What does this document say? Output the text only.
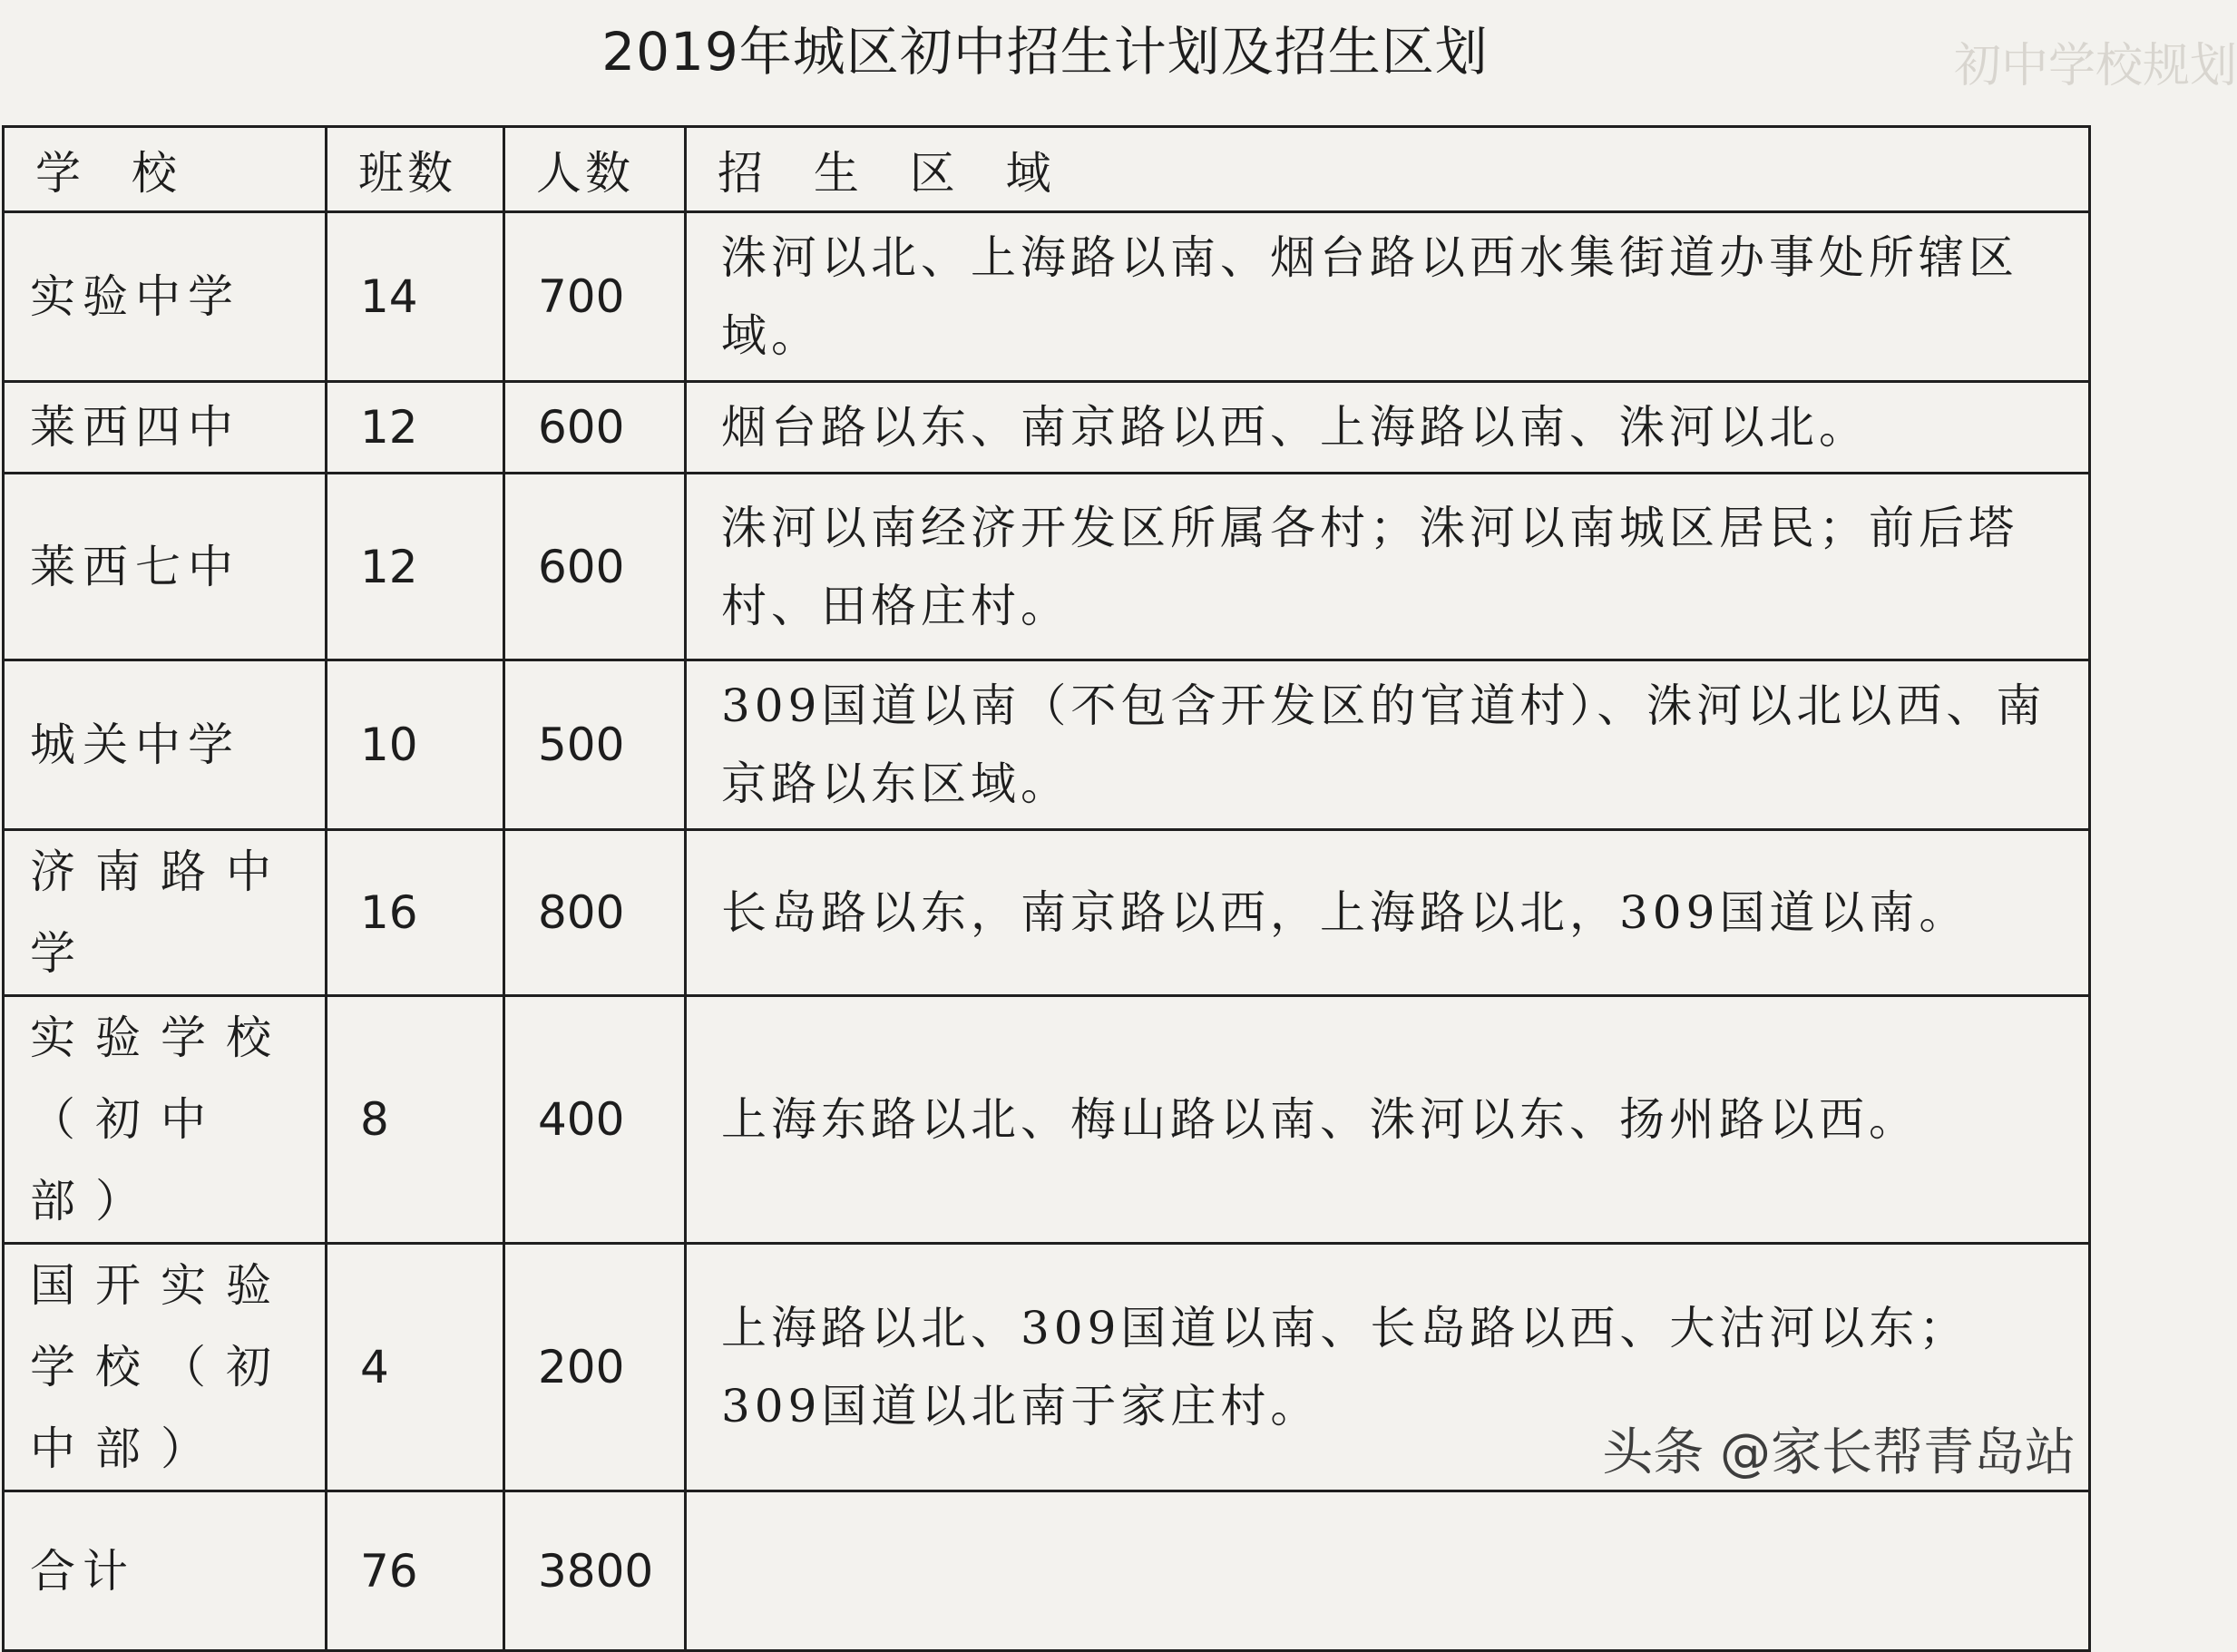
2019年城区初中招生计划及招生区划	初中学校规划
学 校	班数	人数	招 生 区 域
实验中学	14	700	洙河以北、上海路以南、烟台路以西水集街道办事处所辖区域。
莱西四中	12	600	烟台路以东、南京路以西、上海路以南、洙河以北。
莱西七中	12	600	洙河以南经济开发区所属各村；洙河以南城区居民；前后塔村、田格庄村。
城关中学	10	500	309国道以南（不包含开发区的官道村）、洙河以北以西、南京路以东区域。
济南路中学	16	800	长岛路以东，南京路以西，上海路以北，309国道以南。
实验学校（初中部）	8	400	上海东路以北、梅山路以南、洙河以东、扬州路以西。
国开实验学校（初中部）	4	200	上海路以北、309国道以南、长岛路以西、大沽河以东；309国道以北南于家庄村。
合计	76	3800	
头条 @家长帮青岛站
